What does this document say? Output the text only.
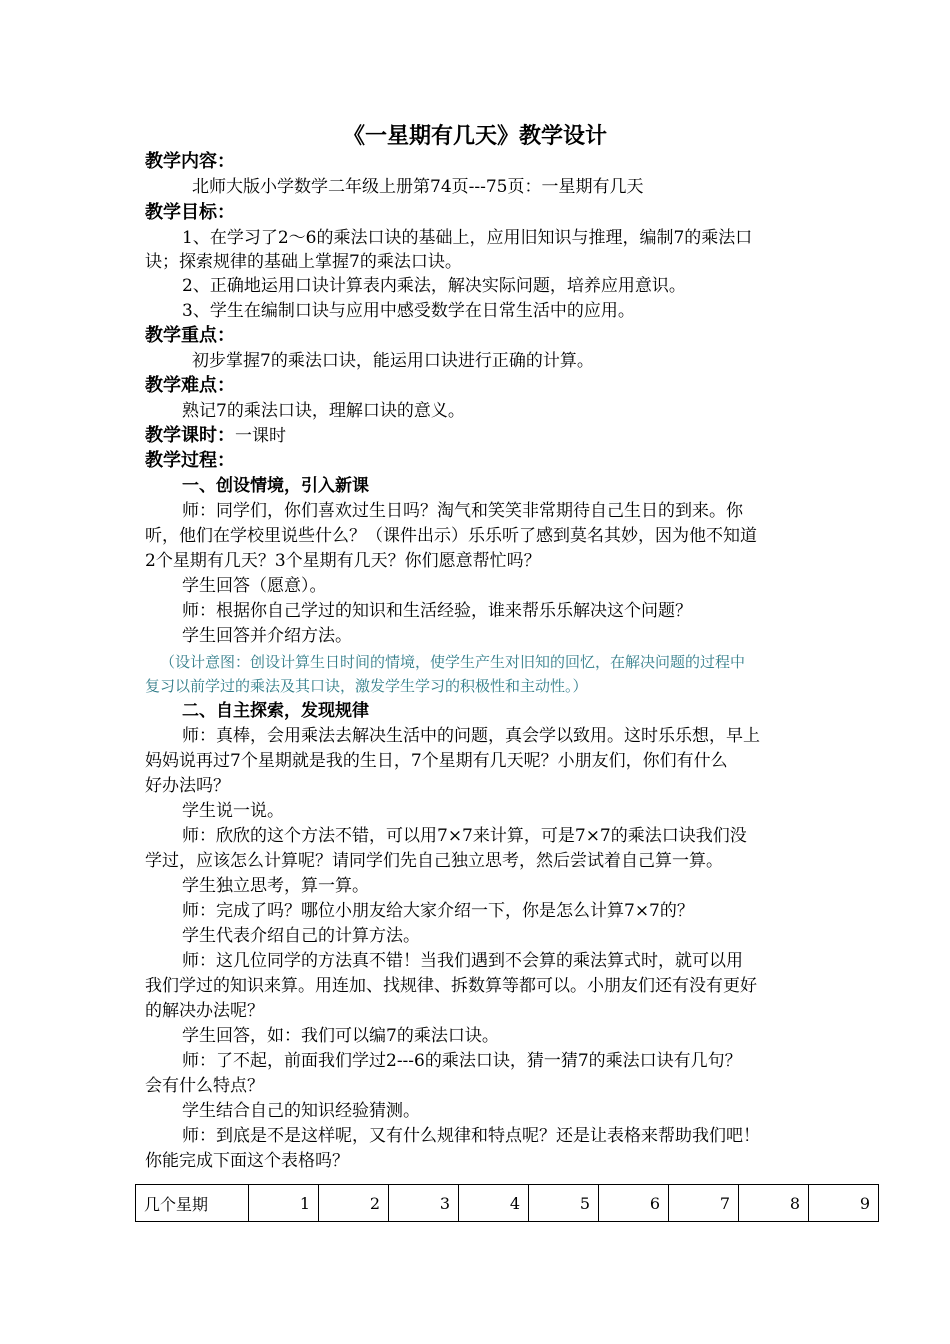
《一星期有几天》教学设计
教学内容：
北师大版小学数学二年级上册第74页---75页：一星期有几天
教学目标：
1、在学习了2～6的乘法口诀的基础上，应用旧知识与推理，编制7的乘法口
诀；探索规律的基础上掌握7的乘法口诀。
2、正确地运用口诀计算表内乘法，解决实际问题，培养应用意识。
3、学生在编制口诀与应用中感受数学在日常生活中的应用。
教学重点：
初步掌握7的乘法口诀，能运用口诀进行正确的计算。
教学难点：
熟记7的乘法口诀，理解口诀的意义。
教学课时：一课时
教学过程：
一、创设情境，引入新课
师：同学们，你们喜欢过生日吗？淘气和笑笑非常期待自己生日的到来。你
听，他们在学校里说些什么？（课件出示）乐乐听了感到莫名其妙，因为他不知道
2个星期有几天？3个星期有几天？你们愿意帮忙吗？
学生回答（愿意）。
师：根据你自己学过的知识和生活经验，谁来帮乐乐解决这个问题？
学生回答并介绍方法。
（设计意图：创设计算生日时间的情境，使学生产生对旧知的回忆，在解决问题的过程中
复习以前学过的乘法及其口诀，激发学生学习的积极性和主动性。）
二、自主探索，发现规律
师：真棒，会用乘法去解决生活中的问题，真会学以致用。这时乐乐想，早上
妈妈说再过7个星期就是我的生日，7个星期有几天呢？小朋友们，你们有什么
好办法吗？
学生说一说。
师：欣欣的这个方法不错，可以用7×7来计算，可是7×7的乘法口诀我们没
学过，应该怎么计算呢？请同学们先自己独立思考，然后尝试着自己算一算。
学生独立思考，算一算。
师：完成了吗？哪位小朋友给大家介绍一下，你是怎么计算7×7的？
学生代表介绍自己的计算方法。
师：这几位同学的方法真不错！当我们遇到不会算的乘法算式时，就可以用
我们学过的知识来算。用连加、找规律、拆数算等都可以。小朋友们还有没有更好
的解决办法呢？
学生回答，如：我们可以编7的乘法口诀。
师：了不起，前面我们学过2---6的乘法口诀，猜一猜7的乘法口诀有几句？
会有什么特点？
学生结合自己的知识经验猜测。
师：到底是不是这样呢，又有什么规律和特点呢？还是让表格来帮助我们吧！
你能完成下面这个表格吗？
几个星期	1	2	3	4	5	6	7	8	9
